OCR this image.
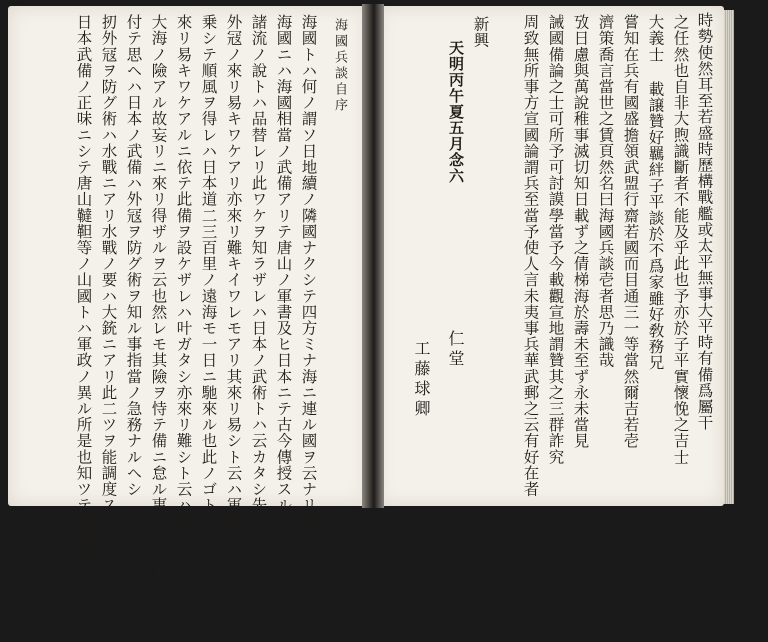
時勢使然耳至若盛時歷構戰艦或太平無事大平時有備爲屬干
之任然也自非大煦識斷者不能及乎此也予亦於子平實懷悗之吉士
大義士 載譲贊好羈絆子平談於不爲家雖好敎務兄
嘗知在兵有國盛擔領武盟行齋若國而目通三一等當然爾吉若壱
濟策喬言當世之賃頁然名曰海國兵談壱者思乃識哉
攷日慮與萬說稚事滅切知日載ず之倩梯海於壽未至ず永未當見
誡國備論之士可所予可討謨學當予今載觀宣地謂贊其之三群詐究
周致無所事方宣國論謂兵至當予使人言未夷事兵華武郵之云有好在者
新興
天明丙午夏五月念六
仁堂
工藤球卿
海國兵談自序
海國トハ何ノ謂ソ日地續ノ隣國ナクシテ四方ミナ海ニ連ル國ヲ云ナリ然ルニ
海國ニハ海國相當ノ武備アリテ唐山ノ軍書及ヒ日本ニテ古今傳授スル
諸流ノ說トハ品替レリ此ワケヲ知ラザレハ日本ノ武術トハ云カタシ先海國ハ
外冦ノ來リ易キワケアリ亦來リ難キイワレモアリ其來リ易シト云ハ軍艦ニ
乗シテ順風ヲ得レハ日本道二三百里ノ遠海モ一日ニ馳來ル也此ノゴトク
來リ易キワケアルニ依テ此備ヲ設ケザレハ叶ガタシ亦來リ難シト云ハ四方ミナ
大海ノ險アル故妄リニ來リ得ザルヲ云也然レモ其險ヲ恃テ備ニ怠ル事ナカレ是ニ
付テ思ヘハ日本ノ武備ハ外冦ヲ防グ術ヲ知ル事指當ノ急務ナルヘシ
扨外冦ヲ防グ術ハ水戰ニアリ水戰ノ要ハ大銃ニアリ此二ツヲ能調度スルコ
日本武備ノ正味ニシテ唐山韃靼等ノ山國トハ軍政ノ異ル所是也知ツテ後陸戰ノ事ニ及ブ
